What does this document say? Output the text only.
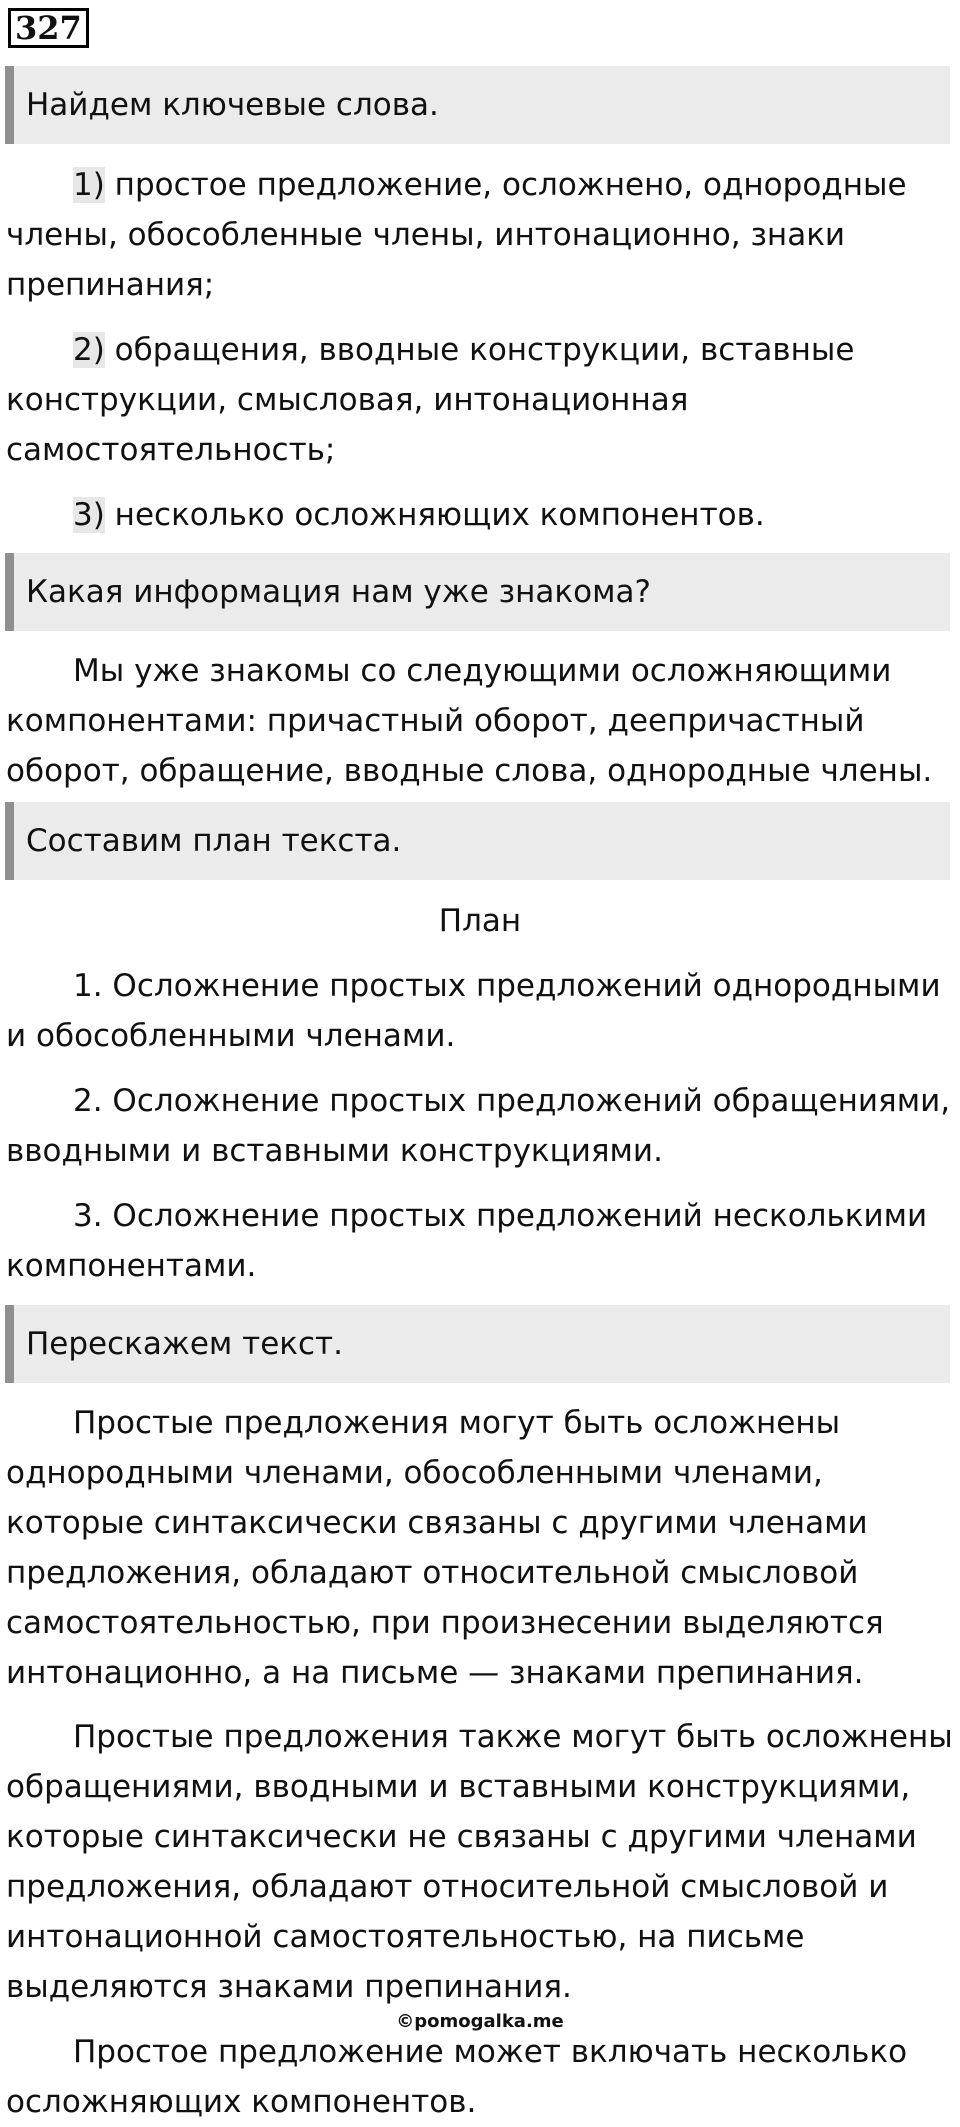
327
Найдем ключевые слова.

1) простое предложение, осложнено, однородные члены, обособленные члены, интонационно, знаки препинания;

2) обращения, вводные конструкции, вставные конструкции, смысловая, интонационная самостоятельность;

3) несколько осложняющих компонентов.

Какая информация нам уже знакома?

Мы уже знакомы со следующими осложняющими компонентами: причастный оборот, деепричастный оборот, обращение, вводные слова, однородные члены.

Составим план текста.

План

1. Осложнение простых предложений однородными и обособленными членами.

2. Осложнение простых предложений обращениями, вводными и вставными конструкциями.

3. Осложнение простых предложений несколькими компонентами.

Перескажем текст.

Простые предложения могут быть осложнены однородными членами, обособленными членами, которые синтаксически связаны с другими членами предложения, обладают относительной смысловой самостоятельностью, при произнесении выделяются интонационно, а на письме — знаками препинания.

Простые предложения также могут быть осложнены обращениями, вводными и вставными конструкциями, которые синтаксически не связаны с другими членами предложения, обладают относительной смысловой и интонационной самостоятельностью, на письме выделяются знаками препинания.

©pomogalka.me

Простое предложение может включать несколько осложняющих компонентов.
